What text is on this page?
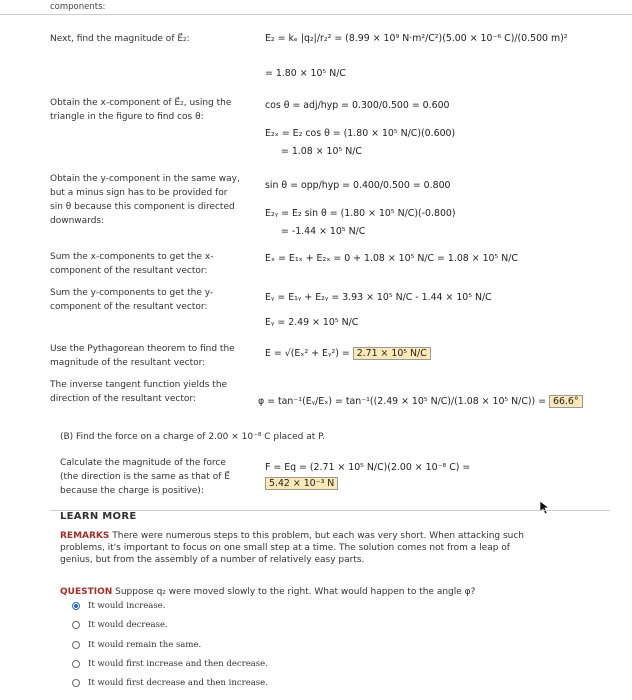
components:
Next, find the magnitude of E⃗₂:	E₂ = kₑ |q₂|/r₂² = (8.99 × 10⁹ N·m²/C²)(5.00 × 10⁻⁶ C)/(0.500 m)²
= 1.80 × 10⁵ N/C
Obtain the x-component of E⃗₂, using the triangle in the figure to find cos θ:
cos θ = adj/hyp = 0.300/0.500 = 0.600
E₂ₓ = E₂ cos θ = (1.80 × 10⁵ N/C)(0.600)
= 1.08 × 10⁵ N/C
Obtain the y-component in the same way, but a minus sign has to be provided for sin θ because this component is directed downwards:
sin θ = opp/hyp = 0.400/0.500 = 0.800
E₂ᵧ = E₂ sin θ = (1.80 × 10⁵ N/C)(-0.800)
= -1.44 × 10⁵ N/C
Sum the x-components to get the x-component of the resultant vector:
Eₓ = E₁ₓ + E₂ₓ = 0 + 1.08 × 10⁵ N/C = 1.08 × 10⁵ N/C
Sum the y-components to get the y-component of the resultant vector:
Eᵧ = E₁ᵧ + E₂ᵧ = 3.93 × 10⁵ N/C - 1.44 × 10⁵ N/C
Eᵧ = 2.49 × 10⁵ N/C
Use the Pythagorean theorem to find the magnitude of the resultant vector:
E = √(Eₓ² + Eᵧ²) = 2.71 × 10⁵ N/C
The inverse tangent function yields the direction of the resultant vector:	φ = tan⁻¹(Eᵧ/Eₓ) = tan⁻¹((2.49 × 10⁵ N/C)/(1.08 × 10⁵ N/C)) = 66.6°
(B) Find the force on a charge of 2.00 × 10⁻⁸ C placed at P.
Calculate the magnitude of the force (the direction is the same as that of E⃗ because the charge is positive):
F = Eq = (2.71 × 10⁵ N/C)(2.00 × 10⁻⁸ C) =
5.42 × 10⁻³ N
LEARN MORE
REMARKS There were numerous steps to this problem, but each was very short. When attacking such problems, it's important to focus on one small step at a time. The solution comes not from a leap of genius, but from the assembly of a number of relatively easy parts.
QUESTION Suppose q₂ were moved slowly to the right. What would happen to the angle φ?
It would increase.
It would decrease.
It would remain the same.
It would first increase and then decrease.
It would first decrease and then increase.
